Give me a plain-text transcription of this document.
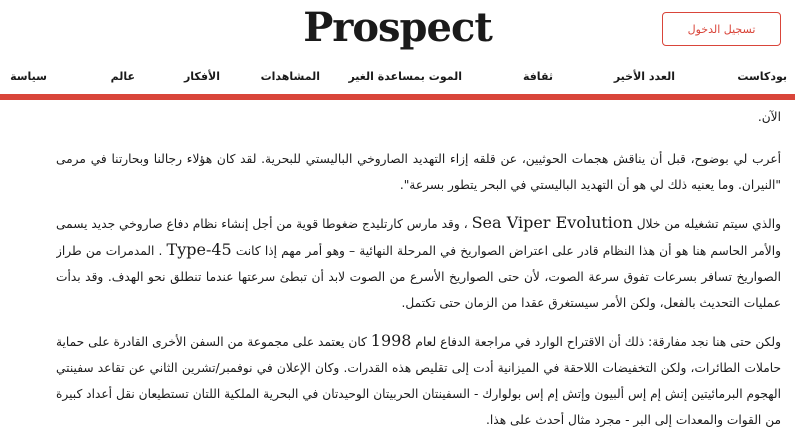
Prospect	تسجيل الدخول
بودكاست
العدد الأخير
ثقافة
الموت بمساعدة الغير
المشاهدات
الأفكار
عالم
سياسة

الآن.

أعرب لي بوضوح، قبل أن يناقش هجمات الحوثيين، عن قلقه إزاء التهديد الصاروخي الباليستي للبحرية. لقد كان هؤلاء رجالنا وبحارتنا في مرمى "النيران. وما يعنيه ذلك لي هو أن التهديد الباليستي في البحر يتطور بسرعة".

والذي سيتم تشغيله من خلال Sea Viper Evolution ، وقد مارس كارتليدج ضغوطا قوية من أجل إنشاء نظام دفاع صاروخي جديد يسمى والأمر الحاسم هنا هو أن هذا النظام قادر على اعتراض الصواريخ في المرحلة النهائية – وهو أمر مهم إذا كانت Type-45 . المدمرات من طراز الصواريخ تسافر بسرعات تفوق سرعة الصوت، لأن حتى الصواريخ الأسرع من الصوت لابد أن تبطئ سرعتها عندما تنطلق نحو الهدف. وقد بدأت عمليات التحديث بالفعل، ولكن الأمر سيستغرق عقدا من الزمان حتى تكتمل.

ولكن حتى هنا نجد مفارقة: ذلك أن الاقتراح الوارد في مراجعة الدفاع لعام 1998 كان يعتمد على مجموعة من السفن الأخرى القادرة على حماية حاملات الطائرات، ولكن التخفيضات اللاحقة في الميزانية أدت إلى تقليص هذه القدرات. وكان الإعلان في نوفمبر/تشرين الثاني عن تقاعد سفينتي الهجوم البرمائيتين إتش إم إس ألبيون وإتش إم إس بولوارك - السفينتان الحربيتان الوحيدتان في البحرية الملكية اللتان تستطيعان نقل أعداد كبيرة من القوات والمعدات إلى البر - مجرد مثال أحدث على هذا.
